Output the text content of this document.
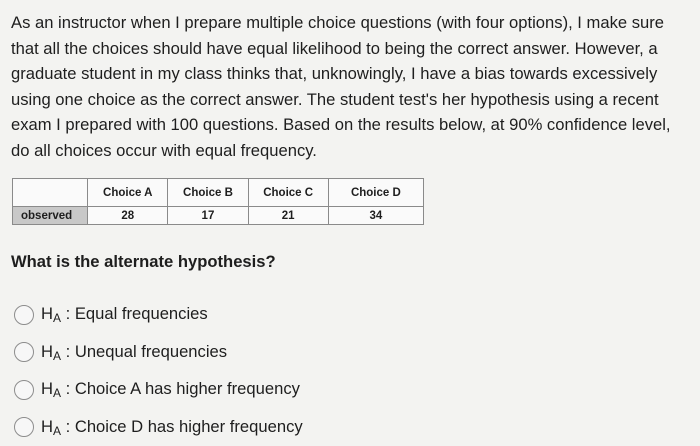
As an instructor when I prepare multiple choice questions (with four options), I make sure that all the choices should have equal likelihood to being the correct answer. However, a graduate student in my class thinks that, unknowingly, I have a bias towards excessively using one choice as the correct answer. The student test's her hypothesis using a recent exam I prepared with 100 questions. Based on the results below, at 90% confidence level, do all choices occur with equal frequency.

	Choice A	Choice B	Choice C	Choice D
observed	28	17	21	34

What is the alternate hypothesis?

$H_A$ : Equal frequencies
$H_A$ : Unequal frequencies
$H_A$ : Choice A has higher frequency
$H_A$ : Choice D has higher frequency
